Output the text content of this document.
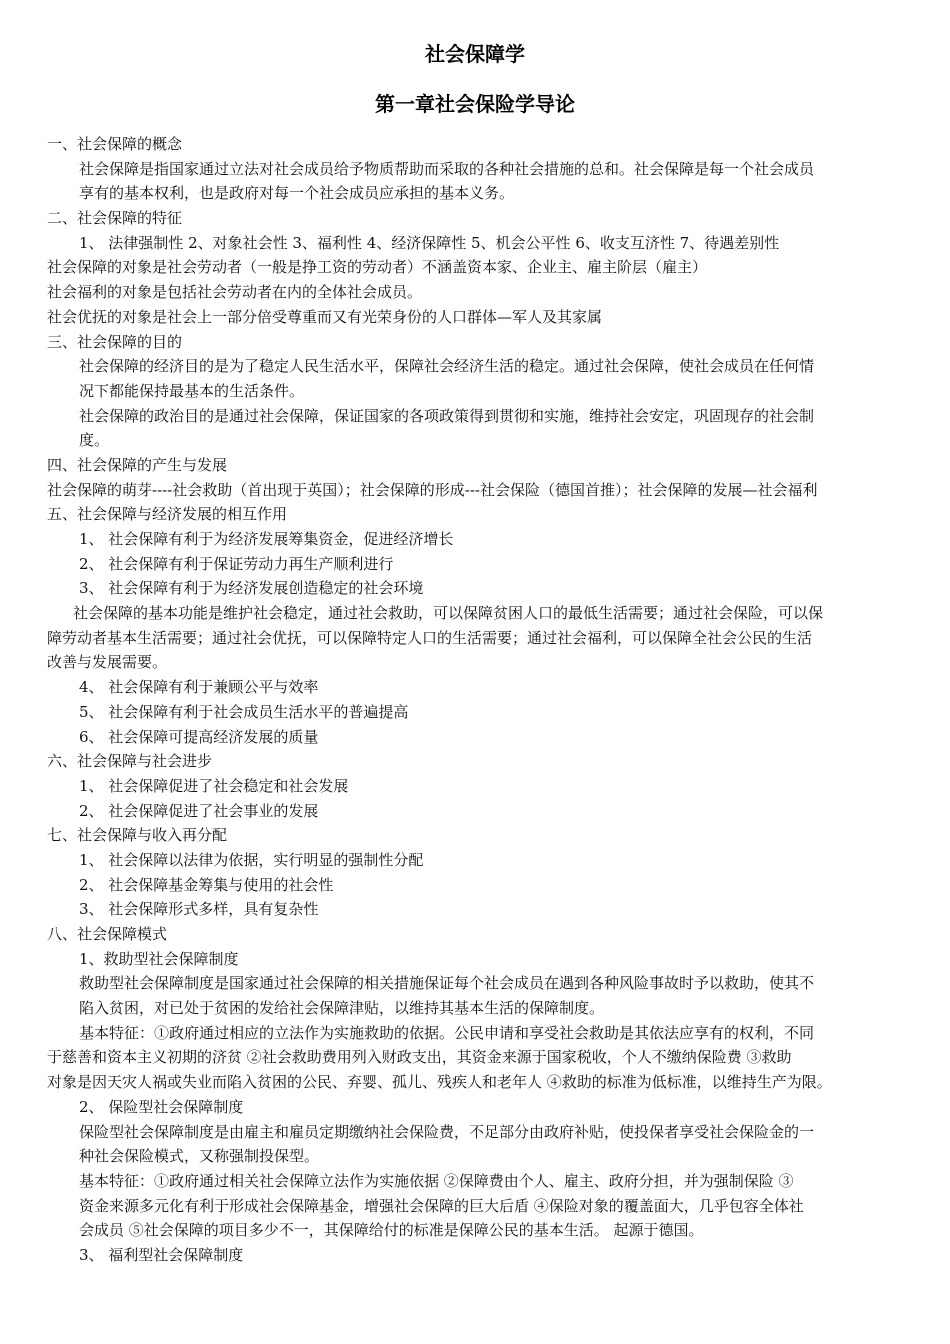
社会保障学
第一章社会保险学导论
一、社会保障的概念
社会保障是指国家通过立法对社会成员给予物质帮助而采取的各种社会措施的总和。社会保障是每一个社会成员
享有的基本权利，也是政府对每一个社会成员应承担的基本义务。
二、社会保障的特征
1、 法律强制性 2、对象社会性 3、福利性 4、经济保障性 5、机会公平性 6、收支互济性 7、待遇差别性
社会保障的对象是社会劳动者（一般是挣工资的劳动者）不涵盖资本家、企业主、雇主阶层（雇主）
社会福利的对象是包括社会劳动者在内的全体社会成员。
社会优抚的对象是社会上一部分倍受尊重而又有光荣身份的人口群体—军人及其家属
三、社会保障的目的
社会保障的经济目的是为了稳定人民生活水平，保障社会经济生活的稳定。通过社会保障，使社会成员在任何情
况下都能保持最基本的生活条件。
社会保障的政治目的是通过社会保障，保证国家的各项政策得到贯彻和实施，维持社会安定，巩固现存的社会制
度。
四、社会保障的产生与发展
社会保障的萌芽----社会救助（首出现于英国）；社会保障的形成---社会保险（德国首推）；社会保障的发展—社会福利
五、社会保障与经济发展的相互作用
1、 社会保障有利于为经济发展筹集资金，促进经济增长
2、 社会保障有利于保证劳动力再生产顺利进行
3、 社会保障有利于为经济发展创造稳定的社会环境
社会保障的基本功能是维护社会稳定，通过社会救助，可以保障贫困人口的最低生活需要；通过社会保险，可以保
障劳动者基本生活需要；通过社会优抚，可以保障特定人口的生活需要；通过社会福利，可以保障全社会公民的生活
改善与发展需要。
4、 社会保障有利于兼顾公平与效率
5、 社会保障有利于社会成员生活水平的普遍提高
6、 社会保障可提高经济发展的质量
六、社会保障与社会进步
1、 社会保障促进了社会稳定和社会发展
2、 社会保障促进了社会事业的发展
七、社会保障与收入再分配
1、 社会保障以法律为依据，实行明显的强制性分配
2、 社会保障基金筹集与使用的社会性
3、 社会保障形式多样，具有复杂性
八、社会保障模式
1、救助型社会保障制度
救助型社会保障制度是国家通过社会保障的相关措施保证每个社会成员在遇到各种风险事故时予以救助，使其不
陷入贫困，对已处于贫困的发给社会保障津贴，以维持其基本生活的保障制度。
基本特征：①政府通过相应的立法作为实施救助的依据。公民申请和享受社会救助是其依法应享有的权利，不同
于慈善和资本主义初期的济贫 ②社会救助费用列入财政支出，其资金来源于国家税收，个人不缴纳保险费 ③救助
对象是因天灾人祸或失业而陷入贫困的公民、弃婴、孤儿、残疾人和老年人 ④救助的标准为低标准，以维持生产为限。
2、 保险型社会保障制度
保险型社会保障制度是由雇主和雇员定期缴纳社会保险费，不足部分由政府补贴，使投保者享受社会保险金的一
种社会保险模式，又称强制投保型。
基本特征：①政府通过相关社会保障立法作为实施依据 ②保障费由个人、雇主、政府分担，并为强制保险 ③
资金来源多元化有利于形成社会保障基金，增强社会保障的巨大后盾 ④保险对象的覆盖面大，几乎包容全体社
会成员 ⑤社会保障的项目多少不一，其保障给付的标准是保障公民的基本生活。 起源于德国。
3、 福利型社会保障制度
